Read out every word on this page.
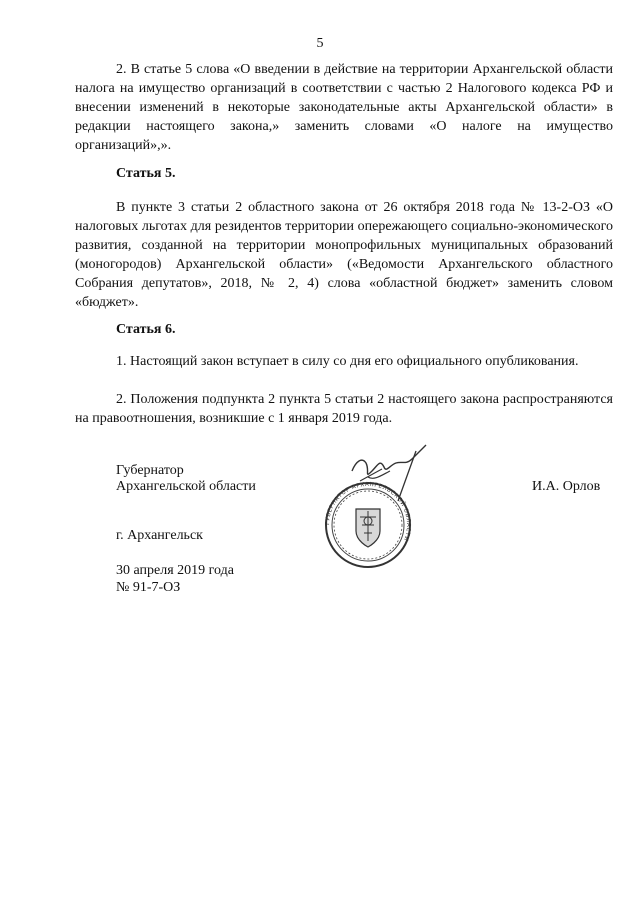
5

2. В статье 5 слова «О введении в действие на территории Архангельской области налога на имущество организаций в соответствии с частью 2 Налогового кодекса РФ и внесении изменений в некоторые законодательные акты Архангельской области» в редакции настоящего закона,» заменить словами «О налоге на имущество организаций»,».

Статья 5.

В пункте 3 статьи 2 областного закона от 26 октября 2018 года № 13-2-ОЗ «О налоговых льготах для резидентов территории опережающего социально-экономического развития, созданной на территории монопрофильных муниципальных образований (моногородов) Архангельской области» («Ведомости Архангельского областного Собрания депутатов», 2018, № 2, 4) слова «областной бюджет» заменить словом «бюджет».

Статья 6.

1. Настоящий закон вступает в силу со дня его официального опубликования.

2. Положения подпункта 2 пункта 5 статьи 2 настоящего закона распространяются на правоотношения, возникшие с 1 января 2019 года.

Губернатор
Архангельской области	И.А. Орлов
ГУБЕРНАТОР АРХАНГЕЛЬСКОЙ ОБЛАСТИ
г. Архангельск
30 апреля 2019 года
№ 91-7-ОЗ
